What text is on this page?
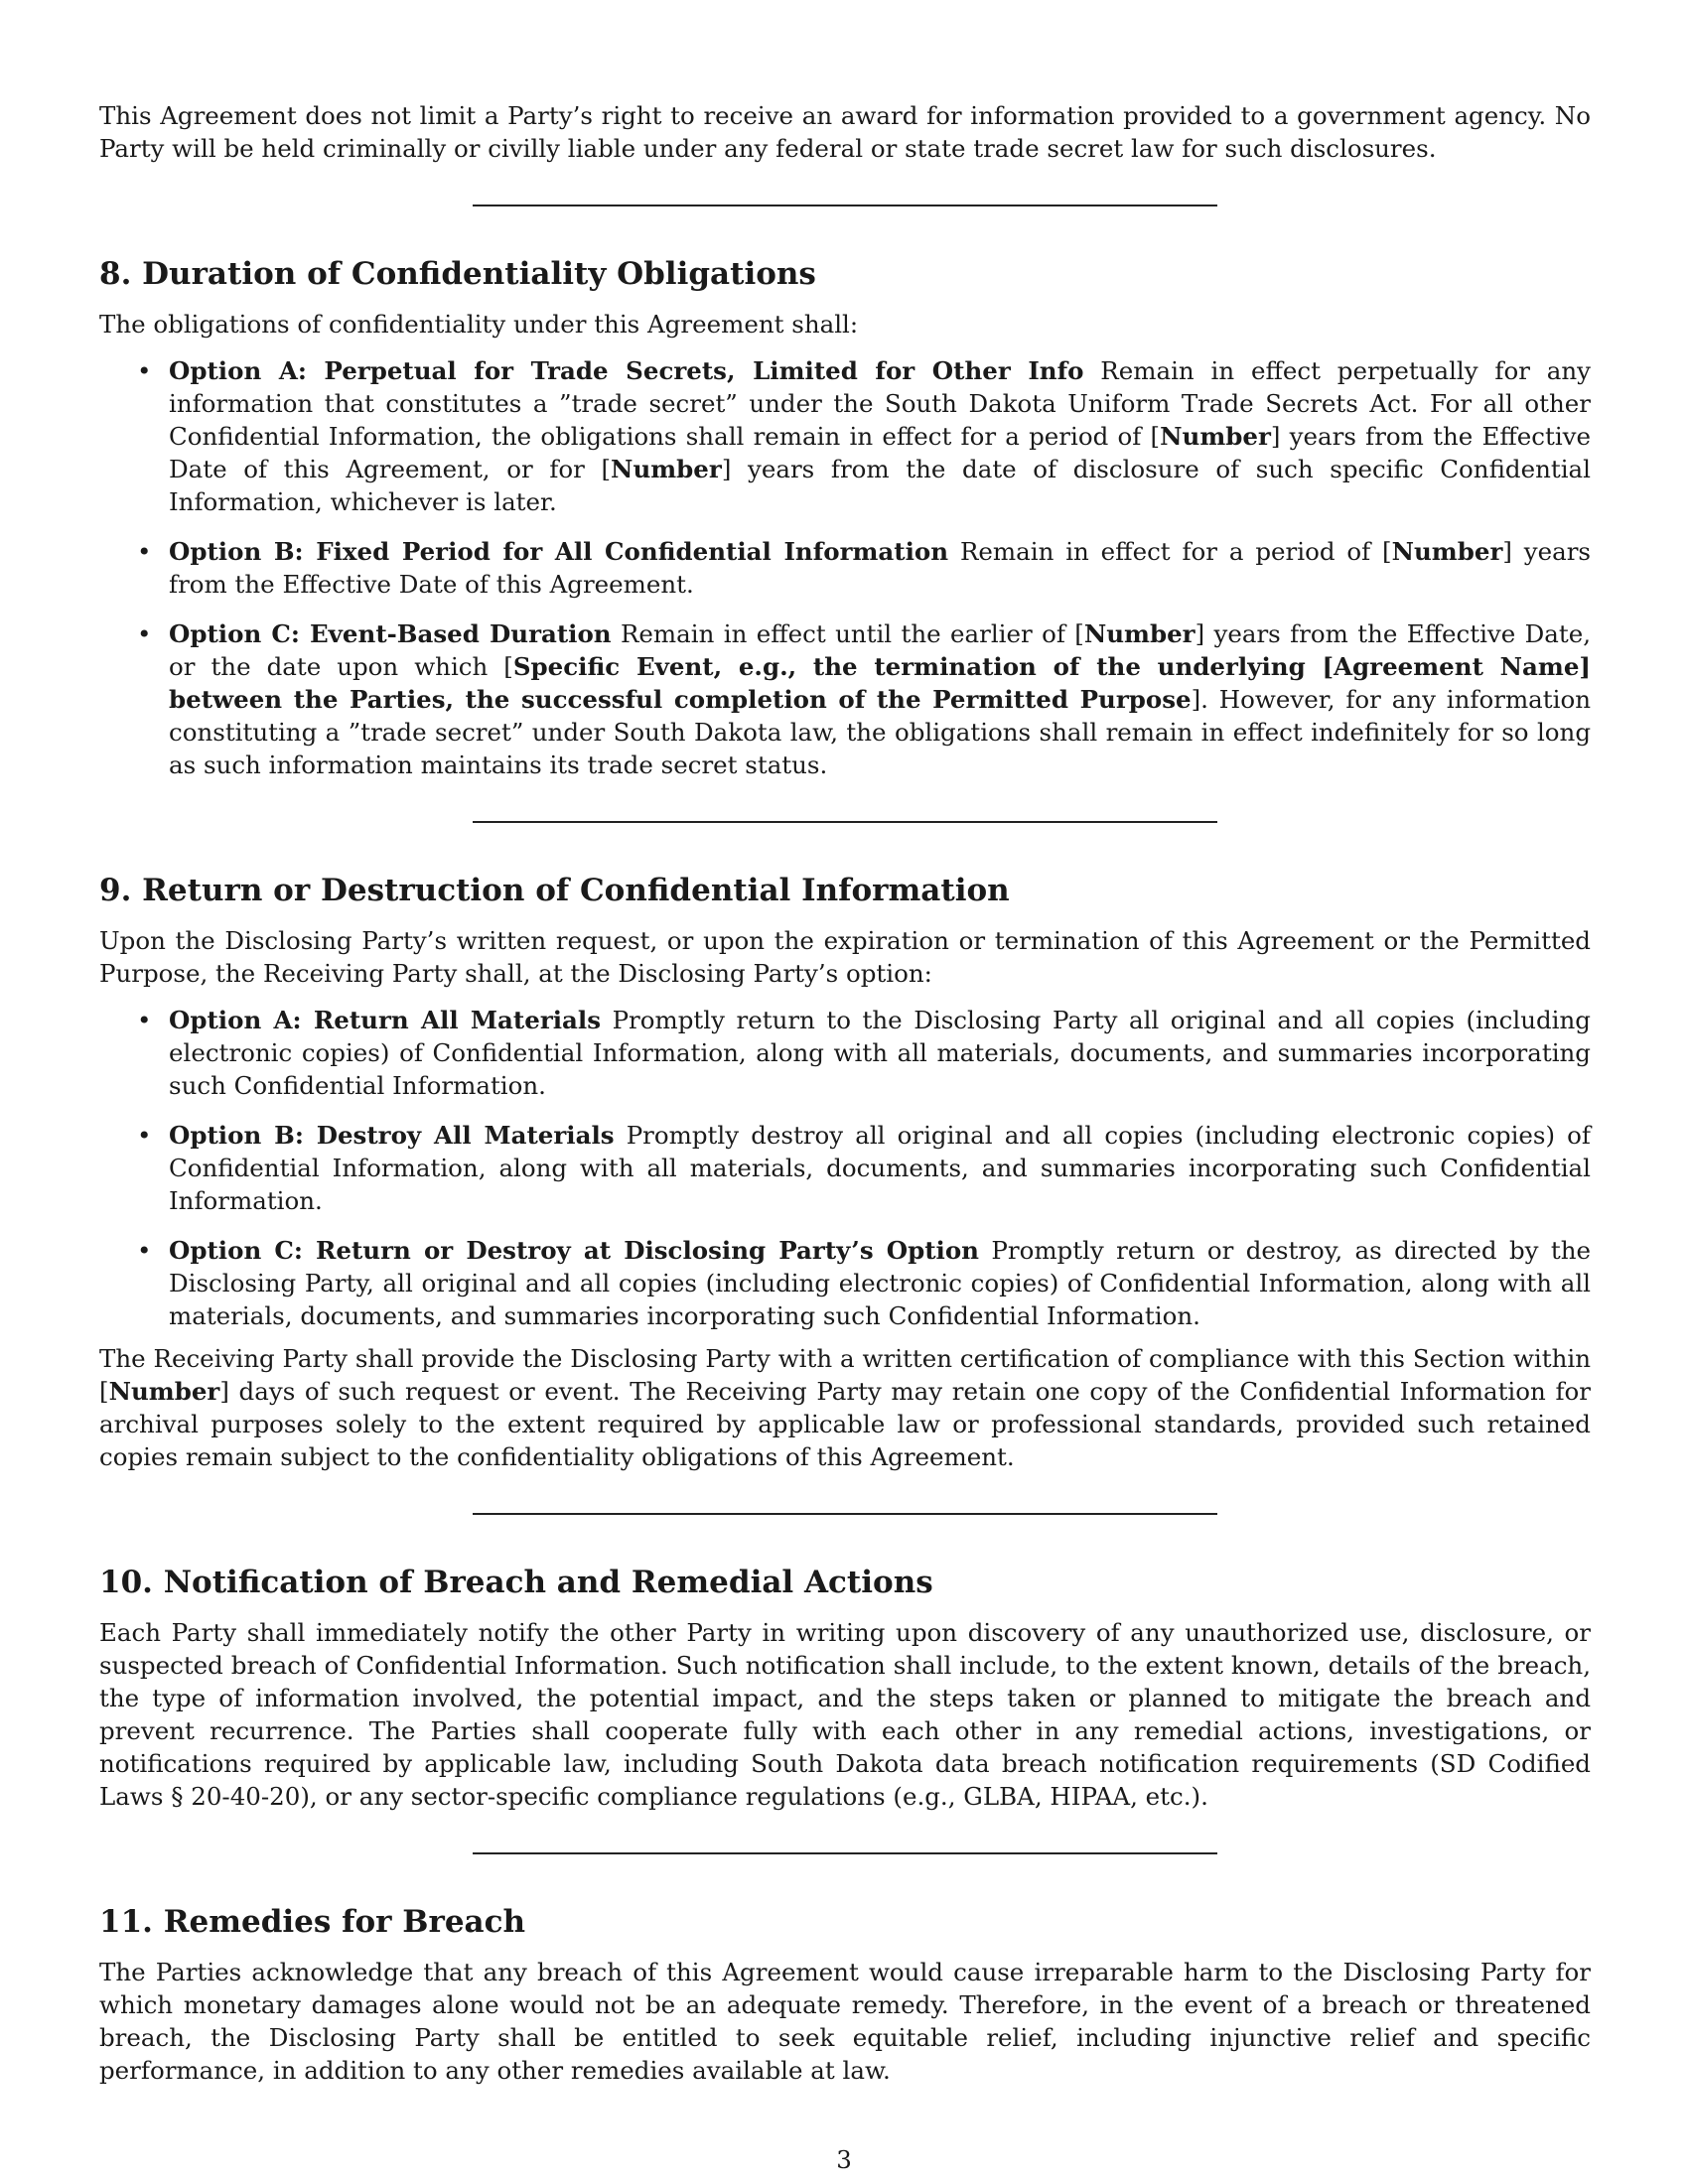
This Agreement does not limit a Party’s right to receive an award for information provided to a government agency. No Party will be held criminally or civilly liable under any federal or state trade secret law for such disclosures.

8. Duration of Confidentiality Obligations

The obligations of confidentiality under this Agreement shall:

• Option A: Perpetual for Trade Secrets, Limited for Other Info Remain in effect perpetually for any information that constitutes a ”trade secret” under the South Dakota Uniform Trade Secrets Act. For all other Confidential Information, the obligations shall remain in effect for a period of [Number] years from the Effective Date of this Agreement, or for [Number] years from the date of disclosure of such specific Confidential Information, whichever is later.
• Option B: Fixed Period for All Confidential Information Remain in effect for a period of [Number] years from the Effective Date of this Agreement.
• Option C: Event-Based Duration Remain in effect until the earlier of [Number] years from the Effective Date, or the date upon which [Specific Event, e.g., the termination of the underlying [Agreement Name] between the Parties, the successful completion of the Permitted Purpose]. However, for any information constituting a ”trade secret” under South Dakota law, the obligations shall remain in effect indefinitely for so long as such information maintains its trade secret status.
9. Return or Destruction of Confidential Information

Upon the Disclosing Party’s written request, or upon the expiration or termination of this Agreement or the Permitted Purpose, the Receiving Party shall, at the Disclosing Party’s option:

• Option A: Return All Materials Promptly return to the Disclosing Party all original and all copies (including electronic copies) of Confidential Information, along with all materials, documents, and summaries incorporating such Confidential Information.
• Option B: Destroy All Materials Promptly destroy all original and all copies (including electronic copies) of Confidential Information, along with all materials, documents, and summaries incorporating such Confidential Information.
• Option C: Return or Destroy at Disclosing Party’s Option Promptly return or destroy, as directed by the Disclosing Party, all original and all copies (including electronic copies) of Confidential Information, along with all materials, documents, and summaries incorporating such Confidential Information.

The Receiving Party shall provide the Disclosing Party with a written certification of compliance with this Section within [Number] days of such request or event. The Receiving Party may retain one copy of the Confidential Information for archival purposes solely to the extent required by applicable law or professional standards, provided such retained copies remain subject to the confidentiality obligations of this Agreement.

10. Notification of Breach and Remedial Actions

Each Party shall immediately notify the other Party in writing upon discovery of any unauthorized use, disclosure, or suspected breach of Confidential Information. Such notification shall include, to the extent known, details of the breach, the type of information involved, the potential impact, and the steps taken or planned to mitigate the breach and prevent recurrence. The Parties shall cooperate fully with each other in any remedial actions, investigations, or notifications required by applicable law, including South Dakota data breach notification requirements (SD Codified Laws § 20-40-20), or any sector-specific compliance regulations (e.g., GLBA, HIPAA, etc.).

11. Remedies for Breach

The Parties acknowledge that any breach of this Agreement would cause irreparable harm to the Disclosing Party for which monetary damages alone would not be an adequate remedy. Therefore, in the event of a breach or threatened breach, the Disclosing Party shall be entitled to seek equitable relief, including injunctive relief and specific performance, in addition to any other remedies available at law.

3
